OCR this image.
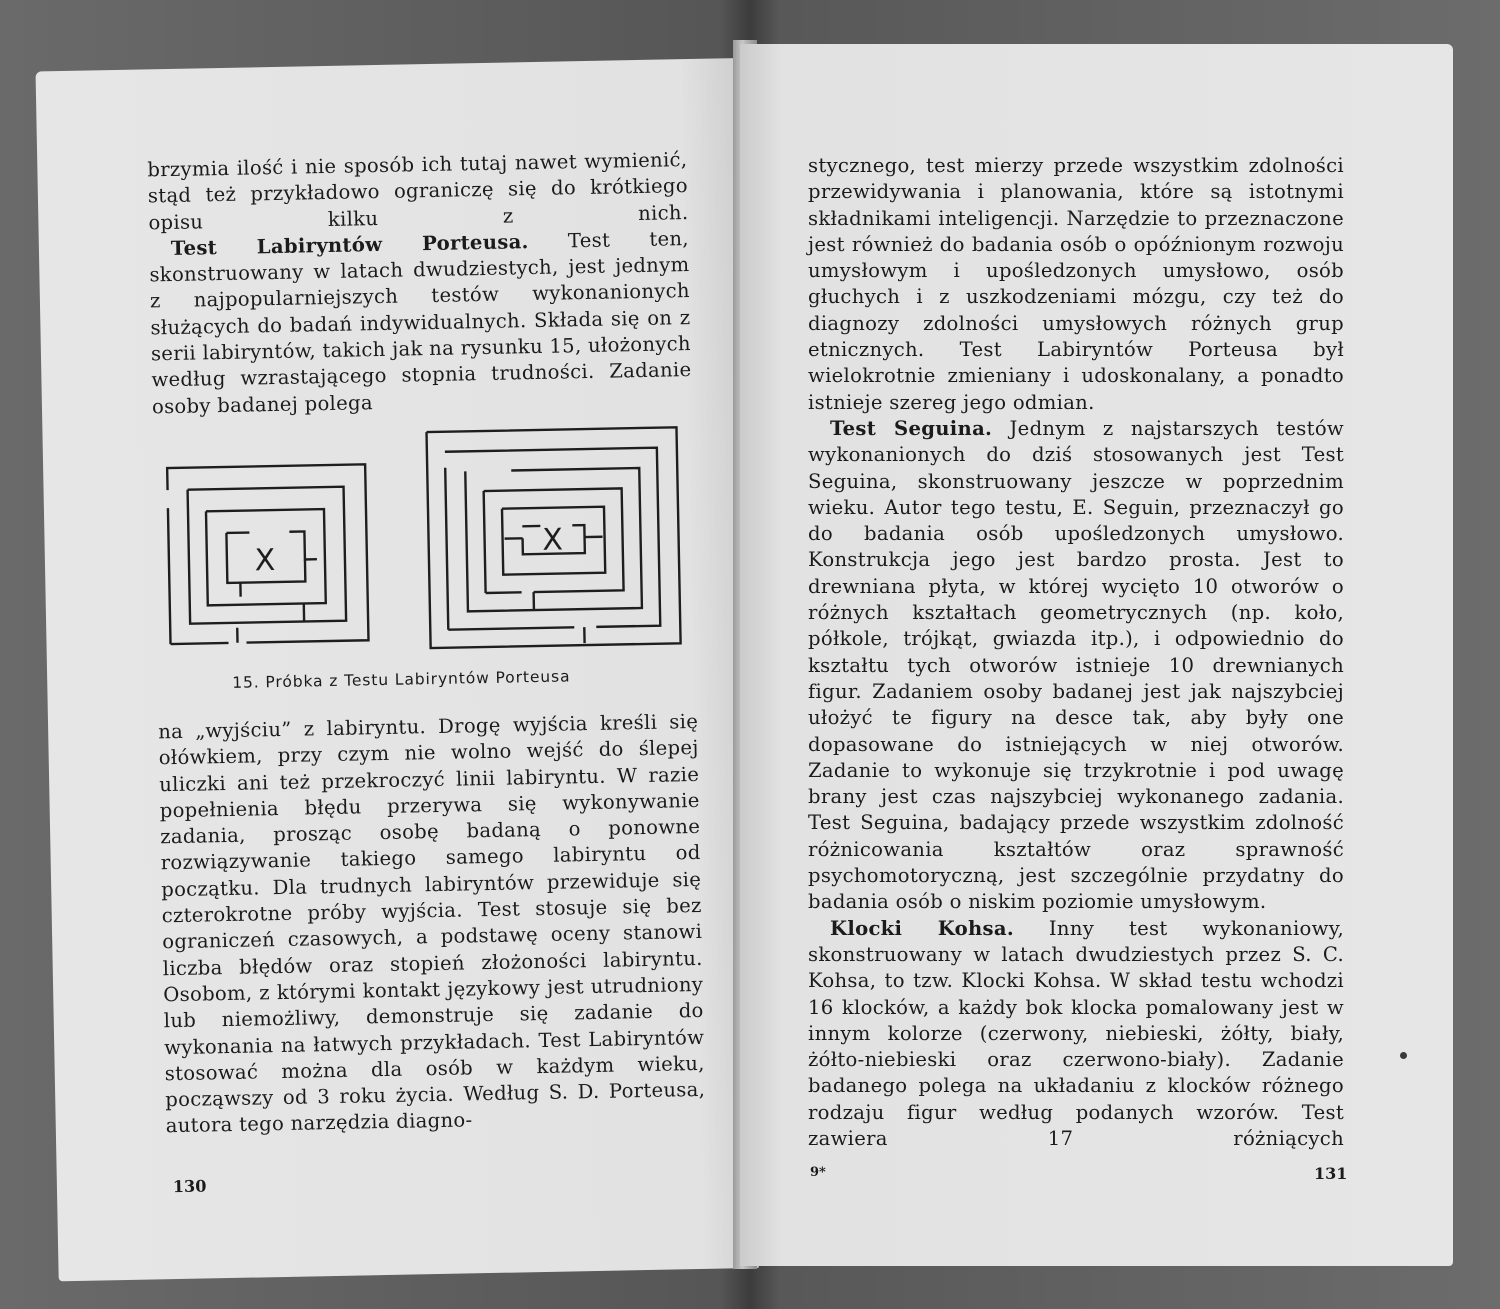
brzymia ilość i nie sposób ich tutaj nawet wymienić, stąd też przykładowo ograniczę się do krótkiego opisu kilku z nich.

Test Labiryntów Porteusa. Test ten, skonstruowany w latach dwudziestych, jest jednym z najpopularniejszych testów wykonanionych służących do badań indywidualnych. Składa się on z serii labiryntów, takich jak na rysunku 15, ułożonych według wzrastającego stopnia trudności. Zadanie osoby badanej polega

X
X
15. Próbka z Testu Labiryntów Porteusa

na „wyjściu” z labiryntu. Drogę wyjścia kreśli się ołówkiem, przy czym nie wolno wejść do ślepej uliczki ani też przekroczyć linii labiryntu. W razie popełnienia błędu przerywa się wykonywanie zadania, prosząc osobę badaną o ponowne rozwiązywanie takiego samego labiryntu od początku. Dla trudnych labiryntów przewiduje się czterokrotne próby wyjścia. Test stosuje się bez ograniczeń czasowych, a podstawę oceny stanowi liczba błędów oraz stopień złożoności labiryntu. Osobom, z którymi kontakt językowy jest utrudniony lub niemożliwy, demonstruje się zadanie do wykonania na łatwych przykładach. Test Labiryntów stosować można dla osób w każdym wieku, począwszy od 3 roku życia. Według S. D. Porteusa, autora tego narzędzia diagno-

130

stycznego, test mierzy przede wszystkim zdolności przewidywania i planowania, które są istotnymi składnikami inteligencji. Narzędzie to przeznaczone jest również do badania osób o opóźnionym rozwoju umysłowym i upośledzonych umysłowo, osób głuchych i z uszkodzeniami mózgu, czy też do diagnozy zdolności umysłowych różnych grup etnicznych. Test Labiryntów Porteusa był wielokrotnie zmieniany i udoskonalany, a ponadto istnieje szereg jego odmian.

Test Seguina. Jednym z najstarszych testów wykonanionych do dziś stosowanych jest Test Seguina, skonstruowany jeszcze w poprzednim wieku. Autor tego testu, E. Seguin, przeznaczył go do badania osób upośledzonych umysłowo. Konstrukcja jego jest bardzo prosta. Jest to drewniana płyta, w której wycięto 10 otworów o różnych kształtach geometrycznych (np. koło, półkole, trójkąt, gwiazda itp.), i odpowiednio do kształtu tych otworów istnieje 10 drewnianych figur. Zadaniem osoby badanej jest jak najszybciej ułożyć te figury na desce tak, aby były one dopasowane do istniejących w niej otworów. Zadanie to wykonuje się trzykrotnie i pod uwagę brany jest czas najszybciej wykonanego zadania. Test Seguina, badający przede wszystkim zdolność różnicowania kształtów oraz sprawność psychomotoryczną, jest szczególnie przydatny do badania osób o niskim poziomie umysłowym.

Klocki Kohsa. Inny test wykonaniowy, skonstruowany w latach dwudziestych przez S. C. Kohsa, to tzw. Klocki Kohsa. W skład testu wchodzi 16 klocków, a każdy bok klocka pomalowany jest w innym kolorze (czerwony, niebieski, żółty, biały, żółto-niebieski oraz czerwono-biały). Zadanie badanego polega na układaniu z klocków różnego rodzaju figur według podanych wzorów. Test zawiera 17 różniących

9*	131
